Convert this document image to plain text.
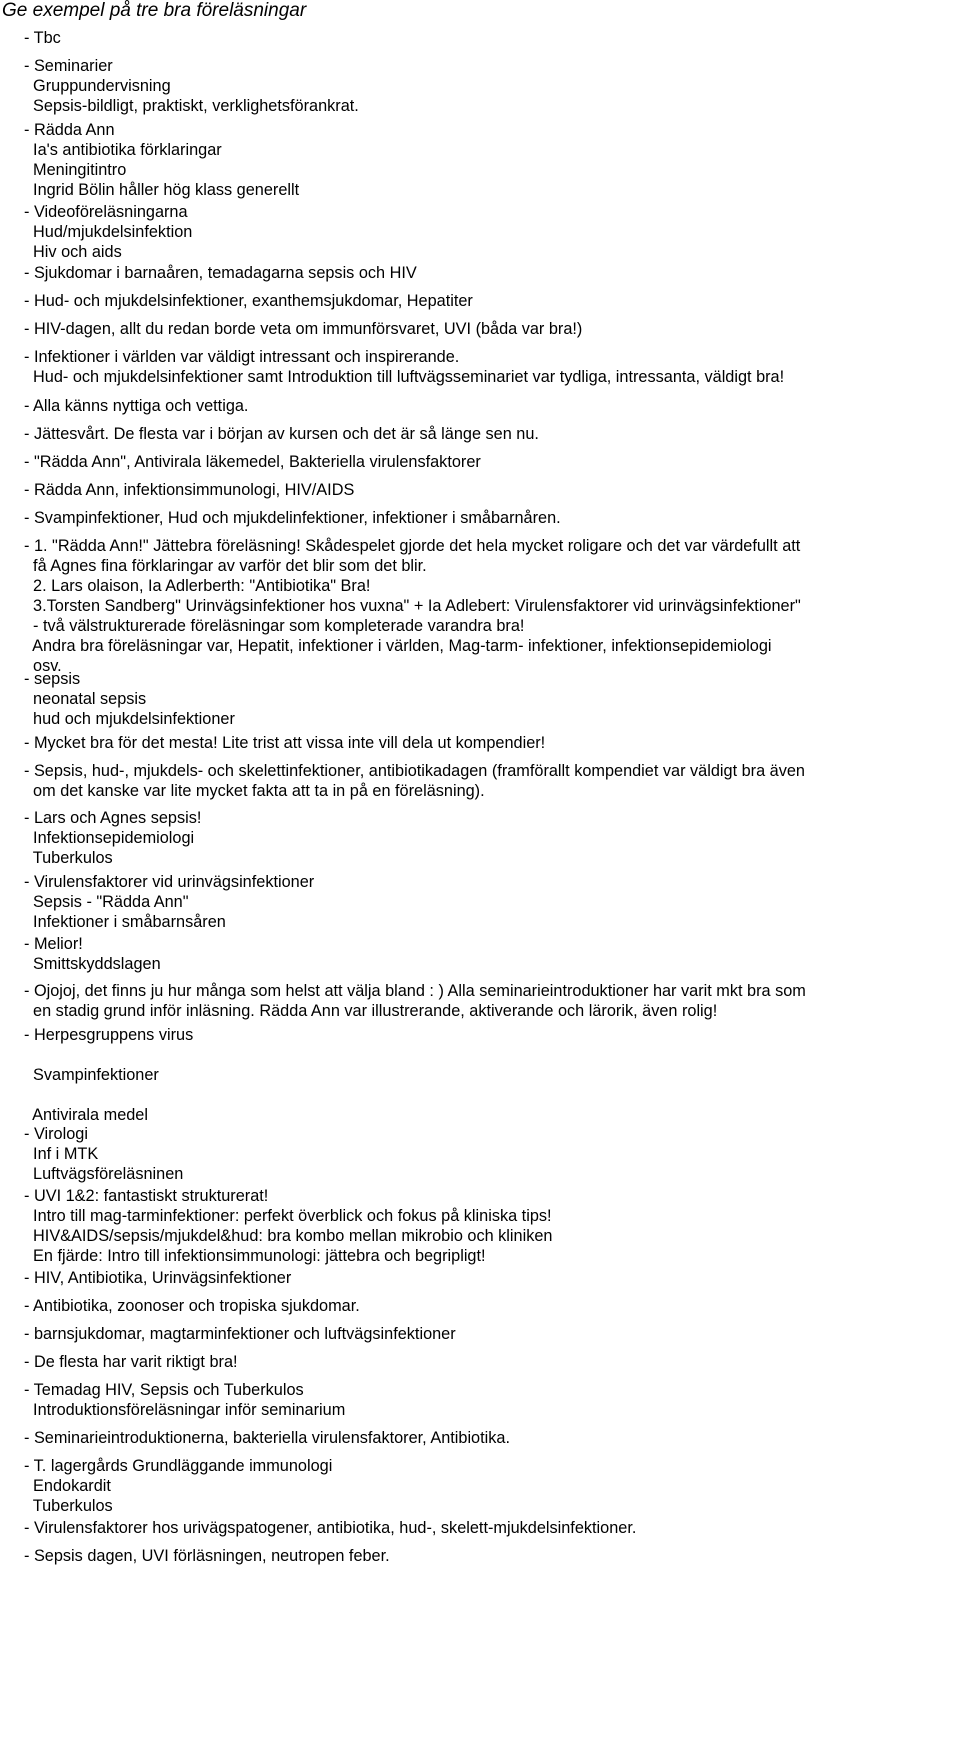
Ge exempel på tre bra föreläsningar
- Tbc
- Seminarier
Gruppundervisning
Sepsis-bildligt, praktiskt, verklighetsförankrat.
- Rädda Ann
Ia's antibiotika förklaringar
Meningitintro
Ingrid Bölin håller hög klass generellt
- Videoföreläsningarna
Hud/mjukdelsinfektion
Hiv och aids
- Sjukdomar i barnaåren, temadagarna sepsis och HIV
- Hud- och mjukdelsinfektioner, exanthemsjukdomar, Hepatiter
- HIV-dagen, allt du redan borde veta om immunförsvaret, UVI (båda var bra!)
- Infektioner i världen var väldigt intressant och inspirerande.
Hud- och mjukdelsinfektioner samt Introduktion till luftvägsseminariet var tydliga, intressanta, väldigt bra!
- Alla känns nyttiga och vettiga.
- Jättesvårt. De flesta var i början av kursen och det är så länge sen nu.
- "Rädda Ann", Antivirala läkemedel, Bakteriella virulensfaktorer
- Rädda Ann, infektionsimmunologi, HIV/AIDS
- Svampinfektioner, Hud och mjukdelinfektioner, infektioner i småbarnåren.
- 1. "Rädda Ann!" Jättebra föreläsning! Skådespelet gjorde det hela mycket roligare och det var värdefullt att
få Agnes fina förklaringar av varför det blir som det blir.
2. Lars olaison, Ia Adlerberth: "Antibiotika" Bra!
3.Torsten Sandberg" Urinvägsinfektioner hos vuxna" + Ia Adlebert: Virulensfaktorer vid urinvägsinfektioner"
- två välstrukturerade föreläsningar som kompleterade varandra bra!
Andra bra föreläsningar var, Hepatit, infektioner i världen, Mag-tarm- infektioner, infektionsepidemiologi
osv.
- sepsis
neonatal sepsis
hud och mjukdelsinfektioner
- Mycket bra för det mesta! Lite trist att vissa inte vill dela ut kompendier!
- Sepsis, hud-, mjukdels- och skelettinfektioner, antibiotikadagen (framförallt kompendiet var väldigt bra även
om det kanske var lite mycket fakta att ta in på en föreläsning).
- Lars och Agnes sepsis!
Infektionsepidemiologi
Tuberkulos
- Virulensfaktorer vid urinvägsinfektioner
Sepsis - "Rädda Ann"
Infektioner i småbarnsåren
- Melior!
Smittskyddslagen
- Ojojoj, det finns ju hur många som helst att välja bland : ) Alla seminarieintroduktioner har varit mkt bra som
en stadig grund inför inläsning. Rädda Ann var illustrerande, aktiverande och lärorik, även rolig!
- Herpesgruppens virus
Svampinfektioner
Antivirala medel
- Virologi
Inf i MTK
Luftvägsföreläsninen
- UVI 1&2: fantastiskt strukturerat!
Intro till mag-tarminfektioner: perfekt överblick och fokus på kliniska tips!
HIV&AIDS/sepsis/mjukdel&hud: bra kombo mellan mikrobio och kliniken
En fjärde: Intro till infektionsimmunologi: jättebra och begripligt!
- HIV, Antibiotika, Urinvägsinfektioner
- Antibiotika, zoonoser och tropiska sjukdomar.
- barnsjukdomar, magtarminfektioner och luftvägsinfektioner
- De flesta har varit riktigt bra!
- Temadag HIV, Sepsis och Tuberkulos
Introduktionsföreläsningar inför seminarium
- Seminarieintroduktionerna, bakteriella virulensfaktorer, Antibiotika.
- T. lagergårds Grundläggande immunologi
Endokardit
Tuberkulos
- Virulensfaktorer hos urivägspatogener, antibiotika, hud-, skelett-mjukdelsinfektioner.
- Sepsis dagen, UVI förläsningen, neutropen feber.
